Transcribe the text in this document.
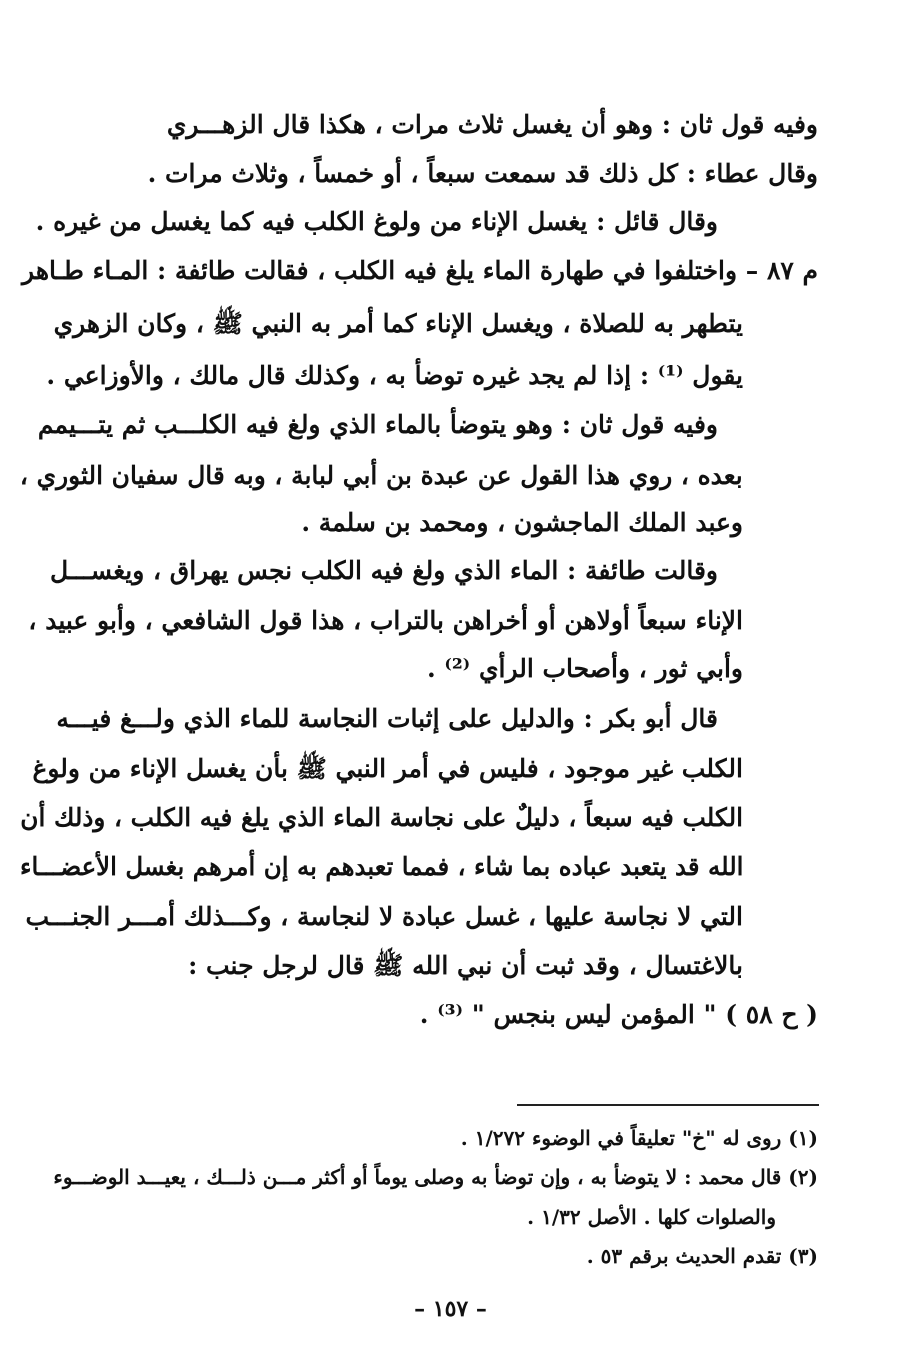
وفيه قول ثان : وهو أن يغسل ثلاث مرات ، هكذا قال الزهـــري
وقال عطاء : كل ذلك قد سمعت سبعاً ، أو خمساً ، وثلاث مرات .
وقال قائل : يغسل الإناء من ولوغ الكلب فيه كما يغسل من غيره .
م ٨٧ – واختلفوا في طهارة الماء يلغ فيه الكلب ، فقالت طائفة : المـاء طـاهر
يتطهر به للصلاة ، ويغسل الإناء كما أمر به النبي ﷺ ، وكان الزهري
يقول ⁽¹⁾ : إذا لم يجد غيره توضأ به ، وكذلك قال مالك ، والأوزاعي .
وفيه قول ثان : وهو يتوضأ بالماء الذي ولغ فيه الكلـــب ثم يتـــيمم
بعده ، روي هذا القول عن عبدة بن أبي لبابة ، وبه قال سفيان الثوري ،
وعبد الملك الماجشون ، ومحمد بن سلمة .
وقالت طائفة : الماء الذي ولغ فيه الكلب نجس يهراق ، ويغســـل
الإناء سبعاً أولاهن أو أخراهن بالتراب ، هذا قول الشافعي ، وأبو عبيد ،
وأبي ثور ، وأصحاب الرأي ⁽²⁾ .
قال أبو بكر : والدليل على إثبات النجاسة للماء الذي ولـــغ فيـــه
الكلب غير موجود ، فليس في أمر النبي ﷺ بأن يغسل الإناء من ولوغ
الكلب فيه سبعاً ، دليلٌ على نجاسة الماء الذي يلغ فيه الكلب ، وذلك أن
الله قد يتعبد عباده بما شاء ، فمما تعبدهم به إن أمرهم بغسل الأعضـــاء
التي لا نجاسة عليها ، غسل عبادة لا لنجاسة ، وكـــذلك أمـــر الجنـــب
بالاغتسال ، وقد ثبت أن نبي الله ﷺ قال لرجل جنب :
( ح ٥٨ ) " المؤمن ليس بنجس " ⁽³⁾ .
(١) روى له "خ" تعليقاً في الوضوء ١/٢٧٢ .
(٢) قال محمد : لا يتوضأ به ، وإن توضأ به وصلى يوماً أو أكثر مـــن ذلـــك ، يعيـــد الوضـــوء
والصلوات كلها . الأصل ١/٣٢ .
(٣) تقدم الحديث برقم ٥٣ .
– ١٥٧ –
